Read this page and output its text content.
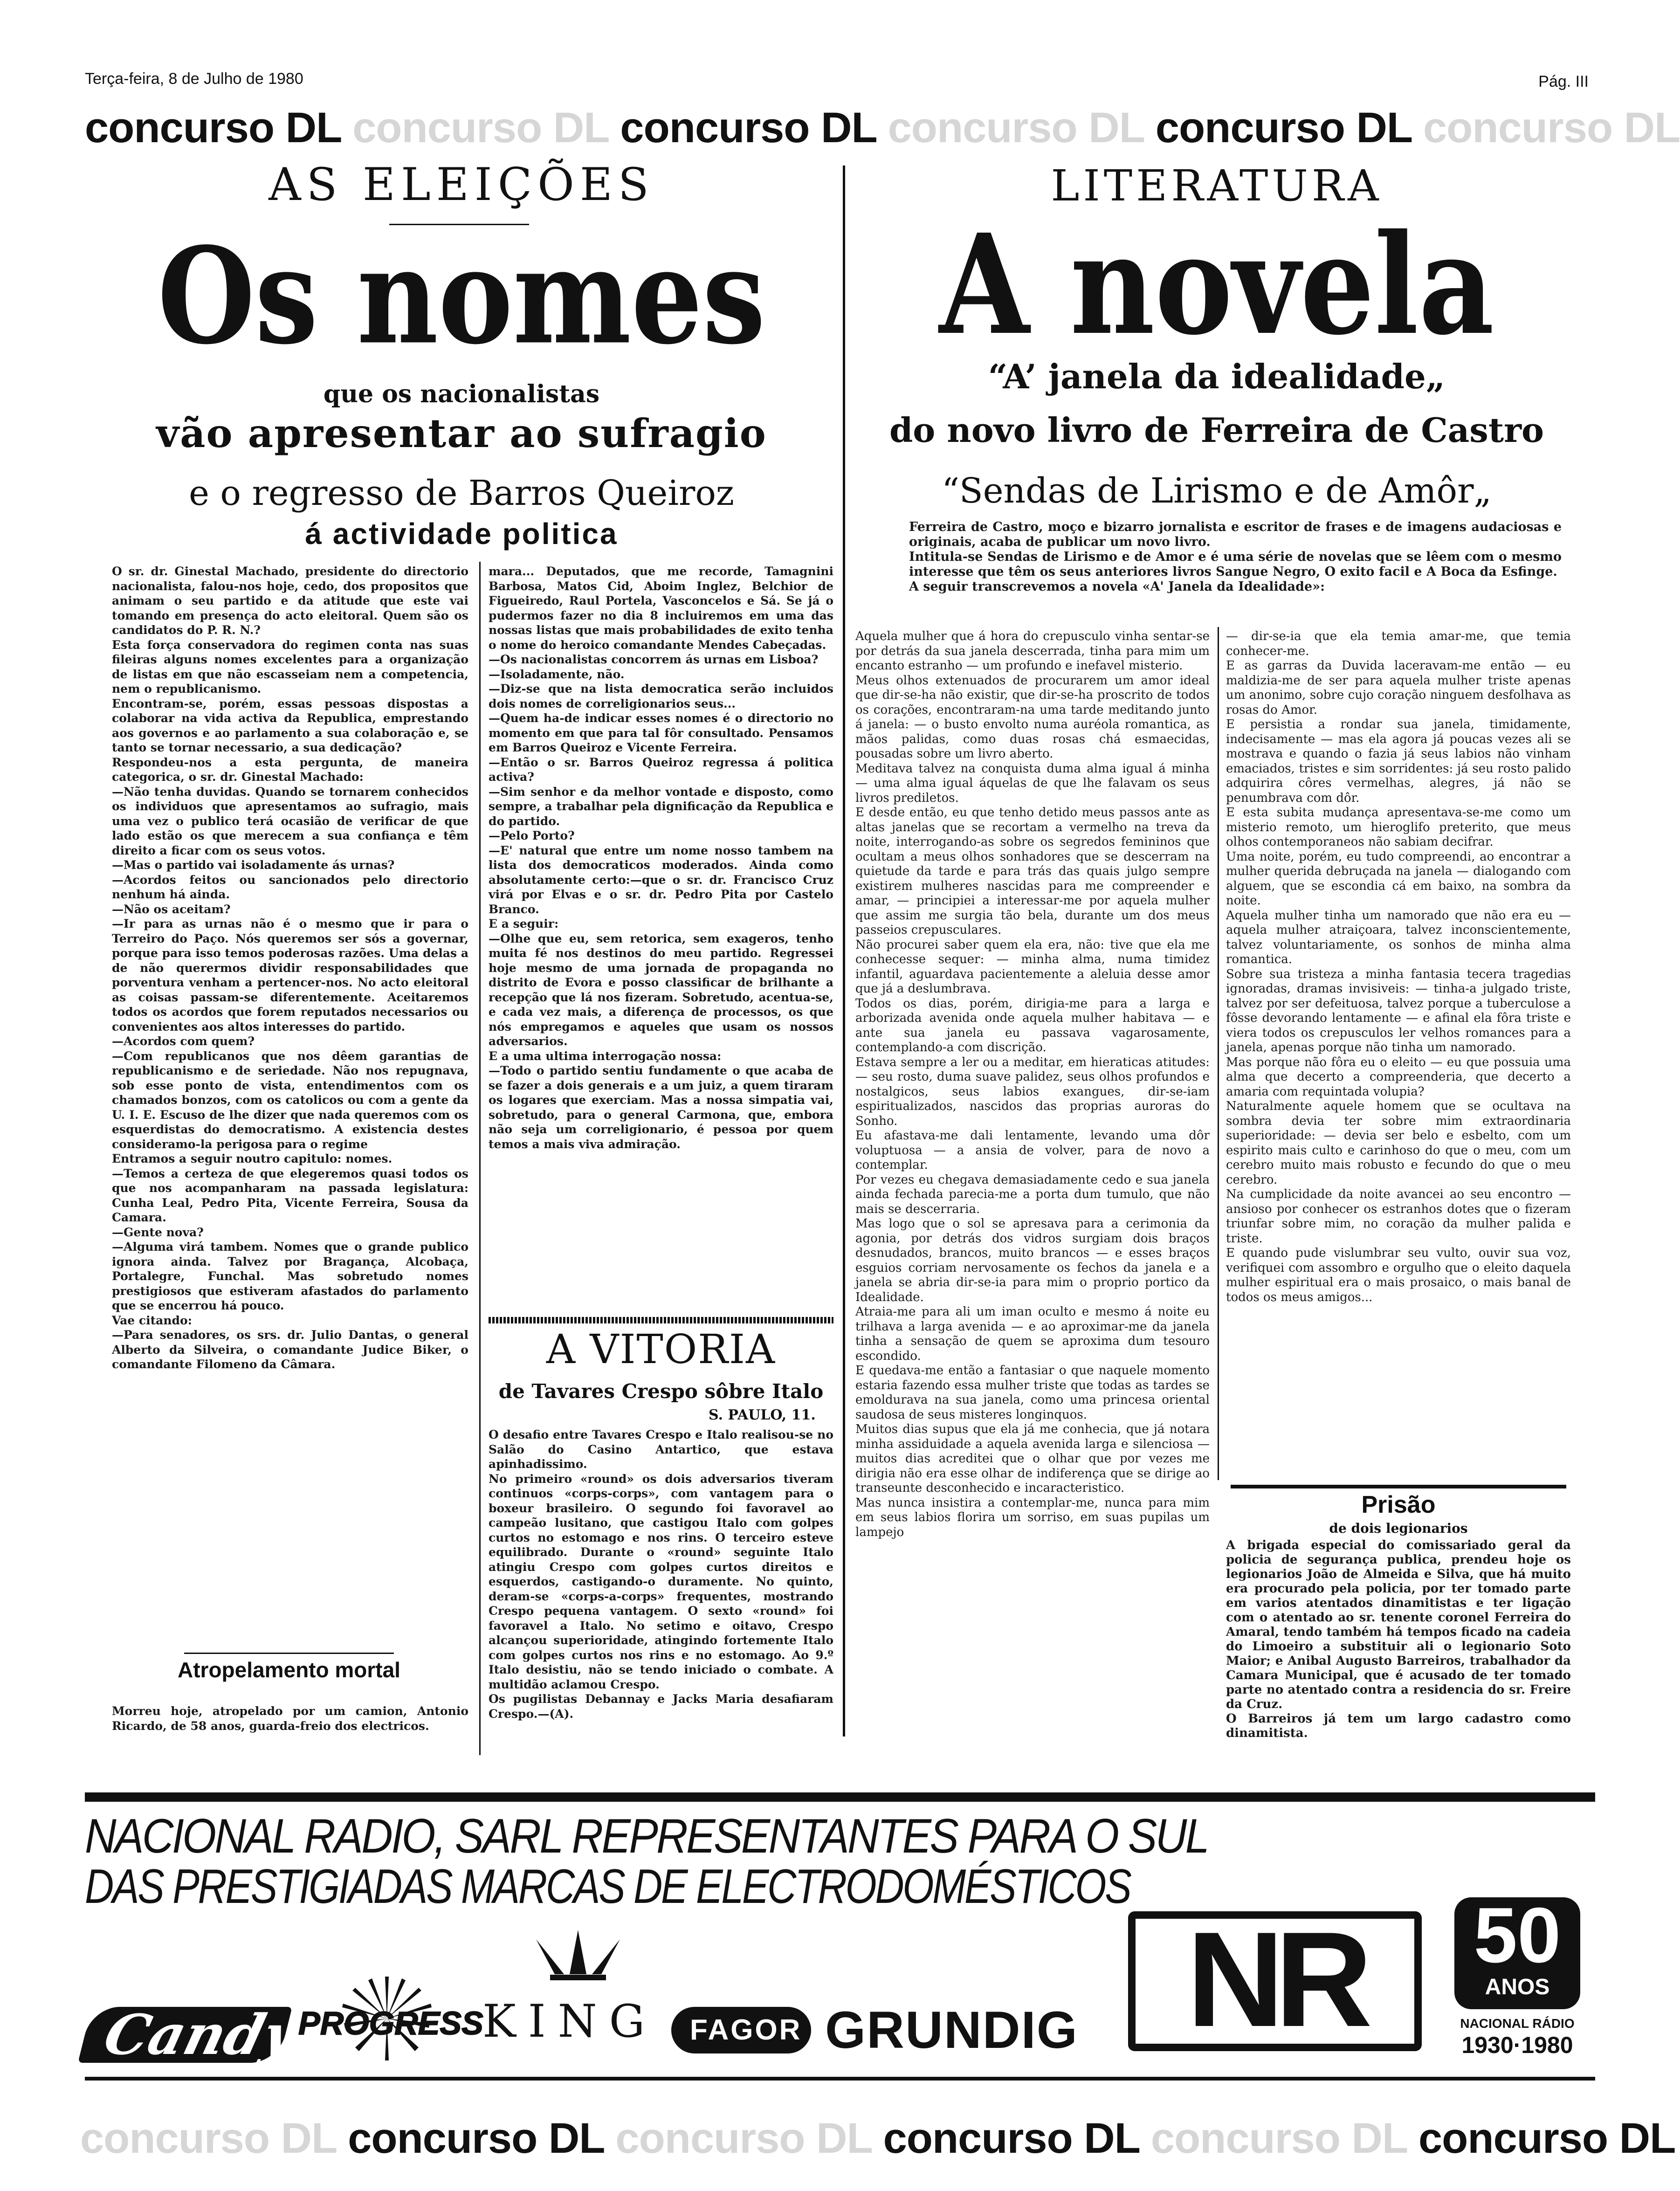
Terça-feira, 8 de Julho de 1980	Pág. III
concurso DL concurso DL concurso DL concurso DL concurso DL concurso DL
AS ELEIÇÕES
Os nomes
que os nacionalistas
vão apresentar ao sufragio
e o regresso de Barros Queiroz
á actividade politica
O sr. dr. Ginestal Machado, presidente do directorio nacionalista, falou-nos hoje, cedo, dos propositos que animam o seu partido e da atitude que este vai tomando em presença do acto eleitoral. Quem são os candidatos do P. R. N.?
Esta força conservadora do regimen conta nas suas fileiras alguns nomes excelentes para a organização de listas em que não escasseiam nem a competencia, nem o republicanismo.
Encontram-se, porém, essas pessoas dispostas a colaborar na vida activa da Republica, emprestando aos governos e ao parlamento a sua colaboração e, se tanto se tornar necessario, a sua dedicação?
Respondeu-nos a esta pergunta, de maneira categorica, o sr. dr. Ginestal Machado:
—Não tenha duvidas. Quando se tornarem conhecidos os individuos que apresentamos ao sufragio, mais uma vez o publico terá ocasião de verificar de que lado estão os que merecem a sua confiança e têm direito a ficar com os seus votos.
—Mas o partido vai isoladamente ás urnas?
—Acordos feitos ou sancionados pelo directorio nenhum há ainda.
—Não os aceitam?
—Ir para as urnas não é o mesmo que ir para o Terreiro do Paço. Nós queremos ser sós a governar, porque para isso temos poderosas razões. Uma delas a de não querermos dividir responsabilidades que porventura venham a pertencer-nos. No acto eleitoral as coisas passam-se diferentemente. Aceitaremos todos os acordos que forem reputados necessarios ou convenientes aos altos interesses do partido.
—Acordos com quem?
—Com republicanos que nos dêem garantias de republicanismo e de seriedade. Não nos repugnava, sob esse ponto de vista, entendimentos com os chamados bonzos, com os catolicos ou com a gente da U. I. E. Escuso de lhe dizer que nada queremos com os esquerdistas do democratismo. A existencia destes consideramo-la perigosa para o regime
Entramos a seguir noutro capitulo: nomes.
—Temos a certeza de que elegeremos quasi todos os que nos acompanharam na passada legislatura: Cunha Leal, Pedro Pita, Vicente Ferreira, Sousa da Camara.
—Gente nova?
—Alguma virá tambem. Nomes que o grande publico ignora ainda. Talvez por Bragança, Alcobaça, Portalegre, Funchal. Mas sobretudo nomes prestigiosos que estiveram afastados do parlamento que se encerrou há pouco.
Vae citando:
—Para senadores, os srs. dr. Julio Dantas, o general Alberto da Silveira, o comandante Judice Biker, o comandante Filomeno da Câmara.
mara... Deputados, que me recorde, Tamagnini Barbosa, Matos Cid, Aboim Inglez, Belchior de Figueiredo, Raul Portela, Vasconcelos e Sá. Se já o pudermos fazer no dia 8 incluiremos em uma das nossas listas que mais probabilidades de exito tenha o nome do heroico comandante Mendes Cabeçadas.
—Os nacionalistas concorrem ás urnas em Lisboa?
—Isoladamente, não.
—Diz-se que na lista democratica serão incluidos dois nomes de correligionarios seus...
—Quem ha-de indicar esses nomes é o directorio no momento em que para tal fôr consultado. Pensamos em Barros Queiroz e Vicente Ferreira.
—Então o sr. Barros Queiroz regressa á politica activa?
—Sim senhor e da melhor vontade e disposto, como sempre, a trabalhar pela dignificação da Republica e do partido.
—Pelo Porto?
—E' natural que entre um nome nosso tambem na lista dos democraticos moderados. Ainda como absolutamente certo:—que o sr. dr. Francisco Cruz virá por Elvas e o sr. dr. Pedro Pita por Castelo Branco.
E a seguir:
—Olhe que eu, sem retorica, sem exageros, tenho muita fé nos destinos do meu partido. Regressei hoje mesmo de uma jornada de propaganda no distrito de Evora e posso classificar de brilhante a recepção que lá nos fizeram. Sobretudo, acentua-se, e cada vez mais, a diferença de processos, os que nós empregamos e aqueles que usam os nossos adversarios.
E a uma ultima interrogação nossa:
—Todo o partido sentiu fundamente o que acaba de se fazer a dois generais e a um juiz, a quem tiraram os logares que exerciam. Mas a nossa simpatia vai, sobretudo, para o general Carmona, que, embora não seja um correligionario, é pessoa por quem temos a mais viva admiração.
Atropelamento mortal
Morreu hoje, atropelado por um camion, Antonio Ricardo, de 58 anos, guarda-freio dos electricos.
A VITORIA
de Tavares Crespo sôbre Italo
S. PAULO, 11.
O desafio entre Tavares Crespo e Italo realisou-se no Salão do Casino Antartico, que estava apinhadissimo.
No primeiro «round» os dois adversarios tiveram continuos «corps-corps», com vantagem para o boxeur brasileiro. O segundo foi favoravel ao campeão lusitano, que castigou Italo com golpes curtos no estomago e nos rins. O terceiro esteve equilibrado. Durante o «round» seguinte Italo atingiu Crespo com golpes curtos direitos e esquerdos, castigando-o duramente. No quinto, deram-se «corps-a-corps» frequentes, mostrando Crespo pequena vantagem. O sexto «round» foi favoravel a Italo. No setimo e oitavo, Crespo alcançou superioridade, atingindo fortemente Italo com golpes curtos nos rins e no estomago. Ao 9.º Italo desistiu, não se tendo iniciado o combate. A multidão aclamou Crespo.
Os pugilistas Debannay e Jacks Maria desafiaram Crespo.—(A).
LITERATURA
A novela
“A’ janela da idealidade„
do novo livro de Ferreira de Castro
“Sendas de Lirismo e de Amôr„
Ferreira de Castro, moço e bizarro jornalista e escritor de frases e de imagens audaciosas e originais, acaba de publicar um novo livro.
Intitula-se Sendas de Lirismo e de Amor e é uma série de novelas que se lêem com o mesmo interesse que têm os seus anteriores livros Sangue Negro, O exito facil e A Boca da Esfinge.
A seguir transcrevemos a novela «A' Janela da Idealidade»:
Aquela mulher que á hora do crepusculo vinha sentar-se por detrás da sua janela descerrada, tinha para mim um encanto estranho — um profundo e inefavel misterio.
Meus olhos extenuados de procurarem um amor ideal que dir-se-ha não existir, que dir-se-ha proscrito de todos os corações, encontraram-na uma tarde meditando junto á janela: — o busto envolto numa auréola romantica, as mãos palidas, como duas rosas chá esmaecidas, pousadas sobre um livro aberto.
Meditava talvez na conquista duma alma igual á minha — uma alma igual áquelas de que lhe falavam os seus livros prediletos.
E desde então, eu que tenho detido meus passos ante as altas janelas que se recortam a vermelho na treva da noite, interrogando-as sobre os segredos femininos que ocultam a meus olhos sonhadores que se descerram na quietude da tarde e para trás das quais julgo sempre existirem mulheres nascidas para me compreender e amar, — principiei a interessar-me por aquela mulher que assim me surgia tão bela, durante um dos meus passeios crepusculares.
Não procurei saber quem ela era, não: tive que ela me conhecesse sequer: — minha alma, numa timidez infantil, aguardava pacientemente a aleluia desse amor que já a deslumbrava.
Todos os dias, porém, dirigia-me para a larga e arborizada avenida onde aquela mulher habitava — e ante sua janela eu passava vagarosamente, contemplando-a com discrição.
Estava sempre a ler ou a meditar, em hieraticas atitudes: — seu rosto, duma suave palidez, seus olhos profundos e nostalgicos, seus labios exangues, dir-se-iam espiritualizados, nascidos das proprias auroras do Sonho.
Eu afastava-me dali lentamente, levando uma dôr voluptuosa — a ansia de volver, para de novo a contemplar.
Por vezes eu chegava demasiadamente cedo e sua janela ainda fechada parecia-me a porta dum tumulo, que não mais se descerraria.
Mas logo que o sol se apresava para a cerimonia da agonia, por detrás dos vidros surgiam dois braços desnudados, brancos, muito brancos — e esses braços esguios corriam nervosamente os fechos da janela e a janela se abria dir-se-ia para mim o proprio portico da Idealidade.
Atraia-me para ali um iman oculto e mesmo á noite eu trilhava a larga avenida — e ao aproximar-me da janela tinha a sensação de quem se aproxima dum tesouro escondido.
E quedava-me então a fantasiar o que naquele momento estaria fazendo essa mulher triste que todas as tardes se emoldurava na sua janela, como uma princesa oriental saudosa de seus misteres longinquos.
Muitos dias supus que ela já me conhecia, que já notara minha assiduidade a aquela avenida larga e silenciosa — muitos dias acreditei que o olhar que por vezes me dirigia não era esse olhar de indiferença que se dirige ao transeunte desconhecido e incaracteristico.
Mas nunca insistira a contemplar-me, nunca para mim em seus labios florira um sorriso, em suas pupilas um lampejo
— dir-se-ia que ela temia amar-me, que temia conhecer-me.
E as garras da Duvida laceravam-me então — eu maldizia-me de ser para aquela mulher triste apenas um anonimo, sobre cujo coração ninguem desfolhava as rosas do Amor.
E persistia a rondar sua janela, timidamente, indecisamente — mas ela agora já poucas vezes ali se mostrava e quando o fazia já seus labios não vinham emaciados, tristes e sim sorridentes: já seu rosto palido adquirira côres vermelhas, alegres, já não se penumbrava com dôr.
E esta subita mudança apresentava-se-me como um misterio remoto, um hieroglifo preterito, que meus olhos contemporaneos não sabiam decifrar.
Uma noite, porém, eu tudo compreendi, ao encontrar a mulher querida debruçada na janela — dialogando com alguem, que se escondia cá em baixo, na sombra da noite.
Aquela mulher tinha um namorado que não era eu — aquela mulher atraiçoara, talvez inconscientemente, talvez voluntariamente, os sonhos de minha alma romantica.
Sobre sua tristeza a minha fantasia tecera tragedias ignoradas, dramas invisiveis: — tinha-a julgado triste, talvez por ser defeituosa, talvez porque a tuberculose a fôsse devorando lentamente — e afinal ela fôra triste e viera todos os crepusculos ler velhos romances para a janela, apenas porque não tinha um namorado.
Mas porque não fôra eu o eleito — eu que possuia uma alma que decerto a compreenderia, que decerto a amaria com requintada volupia?
Naturalmente aquele homem que se ocultava na sombra devia ter sobre mim extraordinaria superioridade: — devia ser belo e esbelto, com um espirito mais culto e carinhoso do que o meu, com um cerebro muito mais robusto e fecundo do que o meu cerebro.
Na cumplicidade da noite avancei ao seu encontro — ansioso por conhecer os estranhos dotes que o fizeram triunfar sobre mim, no coração da mulher palida e triste.
E quando pude vislumbrar seu vulto, ouvir sua voz, verifiquei com assombro e orgulho que o eleito daquela mulher espiritual era o mais prosaico, o mais banal de todos os meus amigos...
Prisão
de dois legionarios
A brigada especial do comissariado geral da policia de segurança publica, prendeu hoje os legionarios João de Almeida e Silva, que há muito era procurado pela policia, por ter tomado parte em varios atentados dinamitistas e ter ligação com o atentado ao sr. tenente coronel Ferreira do Amaral, tendo também há tempos ficado na cadeia do Limoeiro a substituir ali o legionario Soto Maior; e Anibal Augusto Barreiros, trabalhador da Camara Municipal, que é acusado de ter tomado parte no atentado contra a residencia do sr. Freire da Cruz.
O Barreiros já tem um largo cadastro como dinamitista.
NACIONAL RADIO, SARL REPRESENTANTES PARA O SUL
DAS PRESTIGIADAS MARCAS DE ELECTRODOMÉSTICOS
NR	50
ANOS
NACIONAL RÁDIO
1930·1980
Candy
PROGRESS
KING FAGOR GRUNDIG
concurso DL concurso DL concurso DL concurso DL concurso DL concurso DL
